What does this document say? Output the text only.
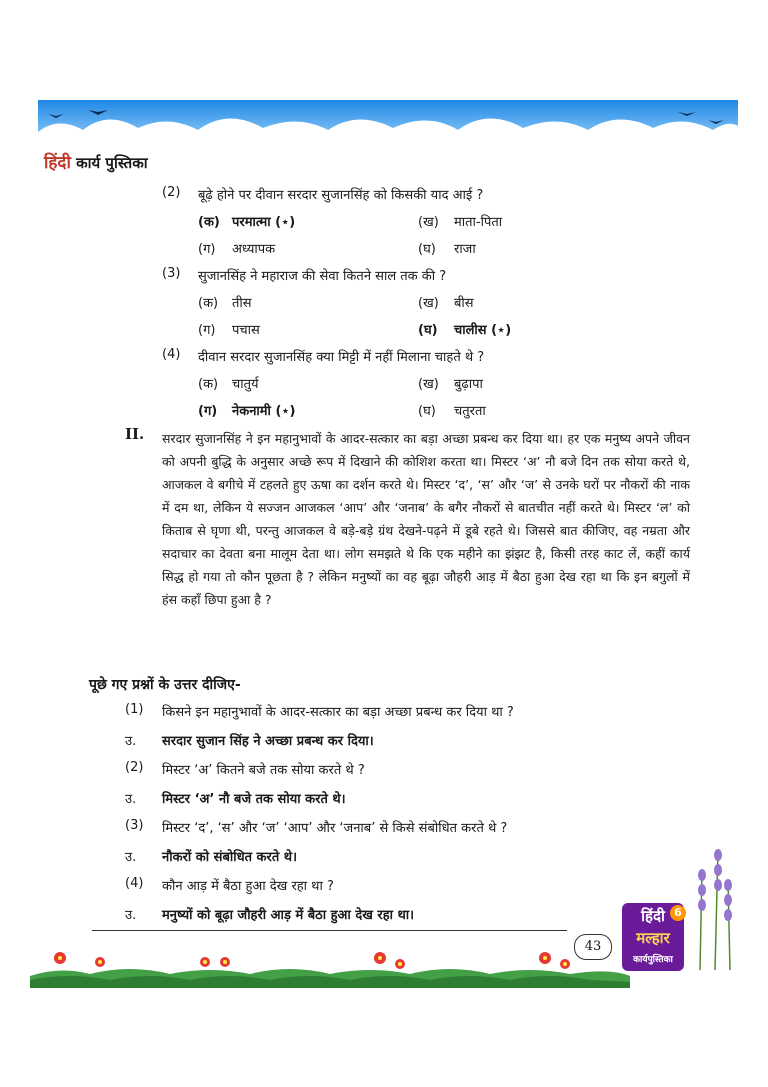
हिंदी कार्य पुस्तिका
(2) बूढ़े होने पर दीवान सरदार सुजानसिंह को किसकी याद आई ?
(क) परमात्मा (⋆)	(ख) माता-पिता
(ग) अध्यापक	(घ) राजा
(3) सुजानसिंह ने महाराज की सेवा कितने साल तक की ?
(क) तीस	(ख) बीस
(ग) पचास	(घ) चालीस (⋆)
(4) दीवान सरदार सुजानसिंह क्या मिट्टी में नहीं मिलाना चाहते थे ?
(क) चातुर्य	(ख) बुढ़ापा
(ग) नेकनामी (⋆)	(घ) चतुरता
II. सरदार सुजानसिंह ने इन महानुभावों के आदर-सत्कार का बड़ा अच्छा प्रबन्ध कर दिया था। हर एक मनुष्य अपने जीवन को अपनी बुद्धि के अनुसार अच्छे रूप में दिखाने की कोशिश करता था। मिस्टर ‘अ’ नौ बजे दिन तक सोया करते थे, आजकल वे बगीचे में टहलते हुए ऊषा का दर्शन करते थे। मिस्टर ‘द’, ‘स’ और ‘ज’ से उनके घरों पर नौकरों की नाक में दम था, लेकिन ये सज्जन आजकल ‘आप’ और ‘जनाब’ के बगैर नौकरों से बातचीत नहीं करते थे। मिस्टर ‘ल’ को किताब से घृणा थी, परन्तु आजकल वे बड़े-बड़े ग्रंथ देखने-पढ़ने में डूबे रहते थे। जिससे बात कीजिए, वह नम्रता और सदाचार का देवता बना मालूम देता था। लोग समझते थे कि एक महीने का झंझट है, किसी तरह काट लें, कहीं कार्य सिद्ध हो गया तो कौन पूछता है ? लेकिन मनुष्यों का वह बूढ़ा जौहरी आड़ में बैठा हुआ देख रहा था कि इन बगुलों में हंस कहाँ छिपा हुआ है ?
पूछे गए प्रश्नों के उत्तर दीजिए-
(1) किसने इन महानुभावों के आदर-सत्कार का बड़ा अच्छा प्रबन्ध कर दिया था ?
उ. सरदार सुजान सिंह ने अच्छा प्रबन्ध कर दिया।
(2) मिस्टर ‘अ’ कितने बजे तक सोया करते थे ?
उ. मिस्टर ‘अ’ नौ बजे तक सोया करते थे।
(3) मिस्टर ‘द’, ‘स’ और ‘ज’ ‘आप’ और ‘जनाब’ से किसे संबोधित करते थे ?
उ. नौकरों को संबोधित करते थे।
(4) कौन आड़ में बैठा हुआ देख रहा था ?
उ. मनुष्यों को बूढ़ा जौहरी आड़ में बैठा हुआ देख रहा था।
43
हिंदी 6
मल्हार
कार्यपुस्तिका
